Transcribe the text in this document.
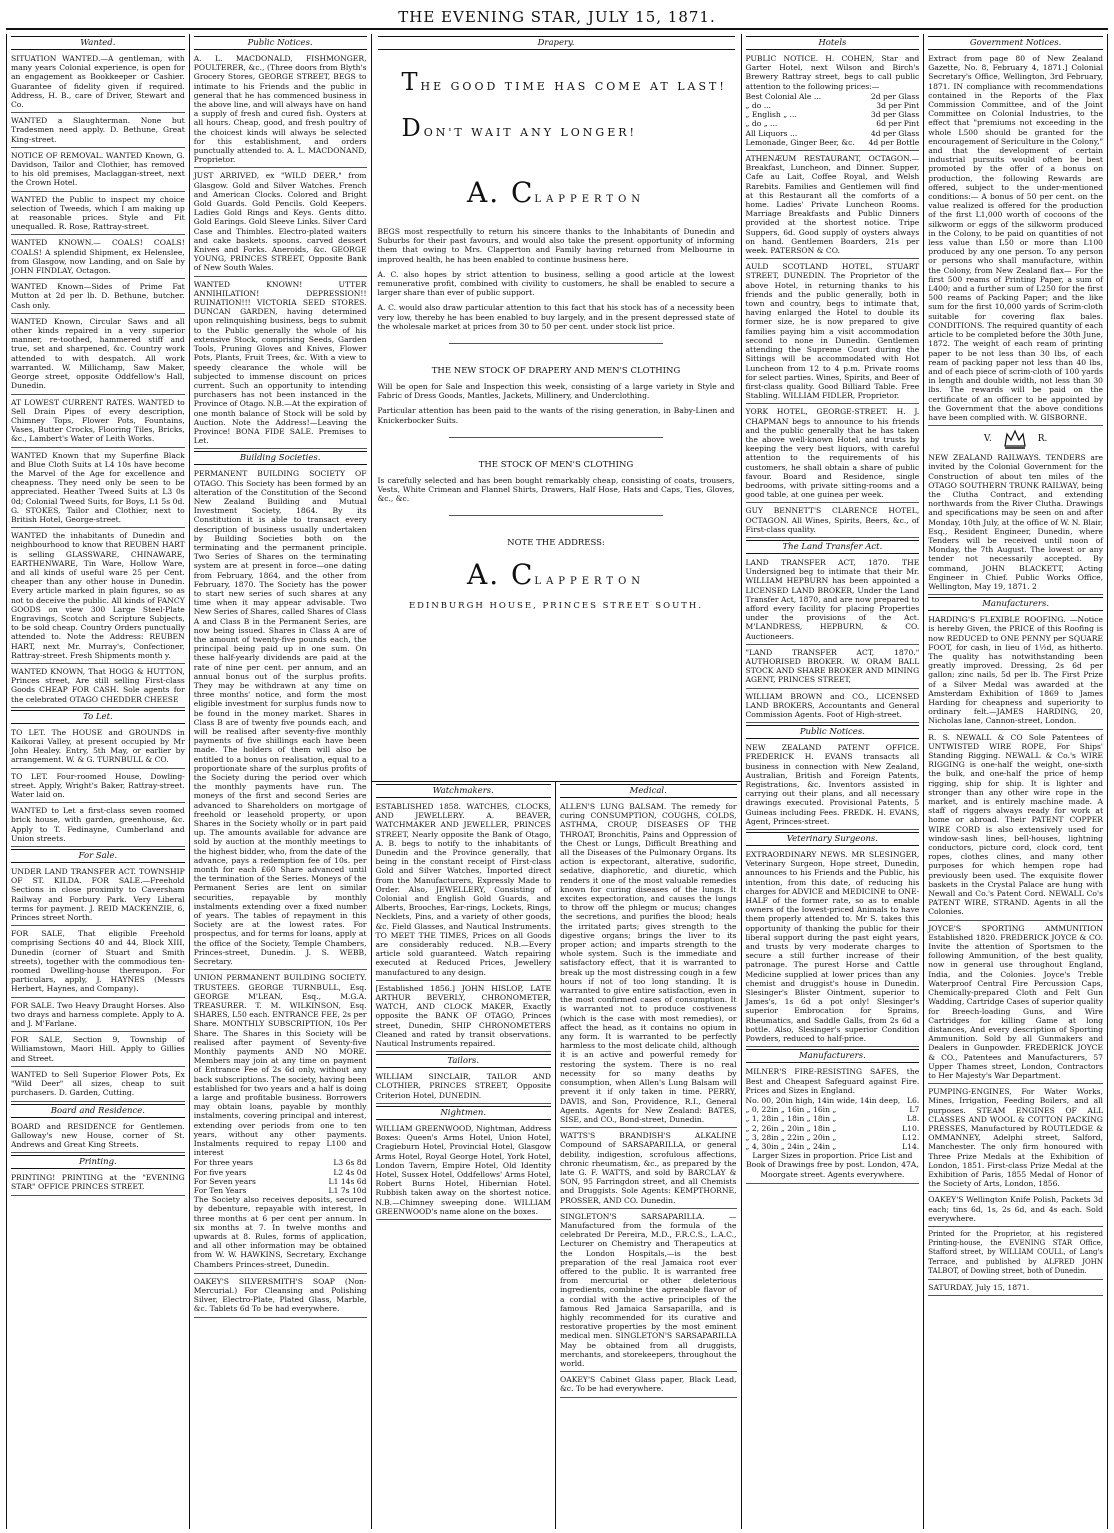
THE EVENING STAR, JULY 15, 1871.
Wanted.
SITUATION WANTED.—A gentleman, with many years Colonial experience, is open for an engagement as Bookkeeper or Cashier. Guarantee of fidelity given if required. Address, H. B., care of Driver, Stewart and Co.
WANTED a Slaughterman. None but Tradesmen need apply. D. Bethune, Great King-street.
NOTICE OF REMOVAL. WANTED Known, G. Davidson, Tailor and Clothier, has removed to his old premises, Maclaggan-street, next the Crown Hotel.
WANTED the Public to inspect my choice selection of Tweeds, which I am making up at reasonable prices. Style and Fit unequalled. R. Rose, Rattray-street.
WANTED KNOWN.— COALS! COALS! COALS! A splendid Shipment, ex Helenslee, from Glasgow, now Landing, and on Sale by JOHN FINDLAY, Octagon.
WANTED Known—Sides of Prime Fat Mutton at 2d per lb. D. Bethune, butcher. Cash only.
WANTED Known, Circular Saws and all other kinds repaired in a very superior manner, re-toothed, hammered stiff and true, set and sharpened, &c. Country work attended to with despatch. All work warranted. W. Millichamp, Saw Maker, George street, opposite Oddfellow's Hall, Dunedin.
AT LOWEST CURRENT RATES. WANTED to Sell Drain Pipes of every description, Chimney Tops, Flower Pots, Fountains, Vases, Butter Crocks, Flooring Tiles, Bricks, &c., Lambert's Water of Leith Works.
WANTED Known that my Superfine Black and Blue Cloth Suits at L4 10s have become the Marvel of the Age for excellence and cheapness. They need only be seen to be appreciated. Heather Tweed Suits at L3 0s 0d; Colonial Tweed Suits, for Boys, L1 5s 0d. G. STOKES, Tailor and Clothier, next to British Hotel, George-street.
WANTED the inhabitants of Dunedin and neighbourhood to know that REUBEN HART is selling GLASSWARE, CHINAWARE, EARTHENWARE, Tin Ware, Hollow Ware, and all kinds of useful ware 25 per Cent. cheaper than any other house in Dunedin. Every article marked in plain figures, so as not to deceive the public. All kinds of FANCY GOODS on view 300 Large Steel-Plate Engravings, Scotch and Scripture Subjects, to be sold cheap. Country Orders punctually attended to. Note the Address: REUBEN HART, next Mr. Murray's, Confectioner, Rattray-street. Fresh Shipments month y.
WANTED KNOWN, That HOGG & HUTTON, Princes street, Are still selling First-class Goods CHEAP FOR CASH. Sole agents for the celebrated OTAGO CHEDDER CHEESE
To Let.
TO LET. The HOUSE and GROUNDS in Kaikorai Valley, at present occupied by Mr John Healey. Entry, 5th May, or earlier by arrangement. W. & G. TURNBULL & CO.
TO LET. Four-roomed House, Dowling-street. Apply, Wright's Baker, Rattray-street. Water laid on.
WANTED to Let a first-class seven roomed brick house, with garden, greenhouse, &c. Apply to T. Fedinayne, Cumberland and Union streets.
For Sale.
UNDER LAND TRANSFER ACT. TOWNSHIP OF ST. KILDA. FOR SALE.—Freehold Sections in close proximity to Caversham Railway and Forbury Park. Very Liberal terms for payment. J. REID MACKENZIE, 6, Princes street North.
FOR SALE, That eligible Freehold comprising Sections 40 and 44, Block XIII, Dunedin (corner of Stuart and Smith streets), together with the commodious ten-roomed Dwelling-house thereupon. For particulars, apply, J. HAYNES (Messrs Herbert, Haynes, and Company).
FOR SALE. Two Heavy Draught Horses. Also two drays and harness complete. Apply to A. and J. M'Farlane.
FOR SALE, Section 9, Township of Williamstown, Maori Hill. Apply to Gillies and Street.
WANTED to Sell Superior Flower Pots, Ex "Wild Deer" all sizes, cheap to suit purchasers. D. Garden, Cutting.
Board and Residence.
BOARD and RESIDENCE for Gentlemen. Galloway's new House, corner of St. Andrews and Great King Streets.
Printing.
PRINTING! PRINTING at the "EVENING STAR" OFFICE PRINCES STREET.
Public Notices.
A. L. MACDONALD, FISHMONGER, POULTERER, &c., (Three doors from Blyth's Grocery Stores, GEORGE STREET, BEGS to intimate to his Friends and the public in general that he has commenced business in the above line, and will always have on hand a supply of fresh and cured fish. Oysters at all hours. Cheap, good, and fresh poultry of the choicest kinds will always be selected for this establishment, and orders punctually attended to. A. L. MACDONAND, Proprietor.
JUST ARRIVED, ex "WILD DEER," from Glasgow. Gold and Silver Watches. French and American Clocks. Colored and Bright Gold Guards. Gold Pencils. Gold Keepers. Ladies Gold Rings and Keys. Gents ditto. Gold Earings. Gold Sleeve Links. Silver Card Case and Thimbles. Electro-plated waiters and cake baskets. spoons. carved dessert Knives and Forks. Aneroids, &c. GEORGE YOUNG, PRINCES STREET, Opposite Bank of New South Wales.
WANTED KNOWN! UTTER ANNIHILATION! DEPRESSION!! RUINATION!!! VICTORIA SEED STORES. DUNCAN GARDEN, having determined upon relinquishing business, begs to submit to the Public generally the whole of his extensive Stock, comprising Seeds, Garden Tools, Pruning Gloves and Knives, Flower Pots, Plants, Fruit Trees, &c. With a view to speedy clearance the whole will be subjected to immense discount on prices current. Such an opportunity to intending purchasers has not been instanced in the Province of Otago. N.B.—At the expiration of one month balance of Stock will be sold by Auction. Note the Address!—Leaving the Province! BONA FIDE SALE. Premises to Let.
Building Societies.
PERMANENT BUILDING SOCIETY OF OTAGO. This Society has been formed by an alteration of the Constitution of the Second New Zealand Building and Mutual Investment Society, 1864. By its Constitution it is able to transact every description of business usually undertaken by Building Societies both on the terminating and the permanent principle. Two Series of Shares on the terminating system are at present in force—one dating from February, 1864, and the other from February, 1870. The Society has the power to start new series of such shares at any time when it may appear advisable. Two New Series of Shares, called Shares of Class A and Class B in the Permanent Series, are now being issued. Shares in Class A are of the amount of twenty-five pounds each, the principal being paid up in one sum. On these half-yearly dividends are paid at the rate of nine per cent. per annum, and an annual bonus out of the surplus profits. They may be withdrawn at any time on three months' notice, and form the most eligible investment for surplus funds now to be found in the money market. Shares in Class B are of twenty five pounds each, and will be realised after seventy-five monthly payments of five shillings each have been made. The holders of them will also be entitled to a bonus on realisation, equal to a proportionate share of the surplus profits of the Society during the period over which the monthly payments have run. The moneys of the first and second Series are advanced to Shareholders on mortgage of freehold or leasehold property, or upon Shares in the Society wholly or in part paid up. The amounts available for advance are sold by auction at the monthly meetings to the highest bidder, who, from the date of the advance, pays a redemption fee of 10s. per month for each £60 Share advanced until the termination of the Series. Moneys of the Permanent Series are lent on similar securities, repayable by monthly instalments extending over a fixed number of years. The tables of repayment in this Society are at the lowest rates. For prospectus, and for terms for loans, apply at the office of the Society, Temple Chambers, Princes-street, Dunedin. J. S. WEBB, Secretary.

UNION PERMANENT BUILDING SOCIETY. TRUSTEES. GEORGE TURNBULL, Esq. GEORGE M'LEAN, Esq., M.G.A. TREASURER. T. M. WILKINSON, Esq. SHARES, L50 each. ENTRANCE FEE, 2s per Share. MONTHLY SUBSCRIPTION, 10s Per Share. The Shares in this Society will be realised after payment of Seventy-five Monthly payments AND NO MORE. Members may join at any time on payment of Entrance Fee of 2s 6d only, without any back subscriptions. The society, having been established for two years and a half is doing a large and profitable business. Borrowers may obtain loans, payable by monthly instalments, covering principal and interest, extending over periods from one to ten years, without any other payments. Instalments required to repay L100 and interest

For three years	L3 6s 8d
For five years	L2 4s 0d
For Seven years	L1 14s 6d
For Ten Years	L1 7s 10d

The Society also receives deposits, secured by debenture, repayable with interest, In three months at 6 per cent per annum. In six months at 7. In twelve months and upwards at 8. Rules, forms of application, and all other information may be obtained from W. W. HAWKINS, Secretary, Exchange Chambers Princes-street, Dunedin.

OAKEY'S SILVERSMITH'S SOAP (Non-Mercurial.) For Cleansing and Polishing Silver, Electro-Plate, Plated Glass, Marble, &c. Tablets 6d To be had everywhere.
Drapery.
THE GOOD TIME HAS COME AT LAST!
DON'T WAIT ANY LONGER!
A. CLAPPERTON

BEGS most respectfully to return his sincere thanks to the Inhabitants of Dunedin and Suburbs for their past favours, and would also take the present opportunity of informing them that owing to Mrs. Clapperton and Family having returned from Melbourne in improved health, he has been enabled to continue business here.

A. C. also hopes by strict attention to business, selling a good article at the lowest remunerative profit, combined with civility to customers, he shall be enabled to secure a larger share than ever of public support.

A. C. would also draw particular attention to this fact that his stock has of a necessity been very low, thereby he has been enabled to buy largely, and in the present depressed state of the wholesale market at prices from 30 to 50 per cent. under stock list price.

THE NEW STOCK OF DRAPERY AND MEN'S CLOTHING

Will be open for Sale and Inspection this week, consisting of a large variety in Style and Fabric of Dress Goods, Mantles, Jackets, Millinery, and Underclothing.

Particular attention has been paid to the wants of the rising generation, in Baby-Linen and Knickerbocker Suits.

THE STOCK OF MEN'S CLOTHING

Is carefully selected and has been bought remarkably cheap, consisting of coats, trousers, Vests, White Crimean and Flannel Shirts, Drawers, Half Hose, Hats and Caps, Ties, Gloves, &c., &c.

NOTE THE ADDRESS:
A. CLAPPERTON
EDINBURGH HOUSE, PRINCES STREET SOUTH.
Watchmakers.
ESTABLISHED 1858. WATCHES, CLOCKS, AND JEWELLERY. A. BEAVER, WATCHMAKER AND JEWELLER, PRINCES STREET, Nearly opposite the Bank of Otago, A. B. begs to notify to the inhabitants of Dunedin and the Province generally, that being in the constant receipt of First-class Gold and Silver Watches, Imported direct from the Manufacturers, Expressly Made to Order. Also, JEWELLERY, Consisting of Colonial and English Gold Guards, and Alberts, Brooches, Ear-rings, Lockets, Rings, Necklets, Pins, and a variety of other goods, &c. Field Glasses, and Nautical Instruments. TO MEET THE TIMES, Prices on all Goods are considerably reduced. N.B.—Every article sold guaranteed. Watch repairing executed at Reduced Prices, Jewellery manufactured to any design.
[Established 1856.] JOHN HISLOP, LATE ARTHUR BEVERLY, CHRONOMETER, WATCH, AND CLOCK MAKER, Exactly opposite the BANK OF OTAGO, Princes street, Dunedin, SHIP CHRONOMETERS Cleaned and rated by transit observations. Nautical Instruments repaired.
Tailors.
WILLIAM SINCLAIR, TAILOR AND CLOTHIER, PRINCES STREET, Opposite Criterion Hotel, DUNEDIN.
Nightmen.
WILLIAM GREENWOOD, Nightman, Address Boxes: Queen's Arms Hotel, Union Hotel, Cragieburn Hotel, Provincial Hotel, Glasgow Arms Hotel, Royal George Hotel, York Hotel, London Tavern, Empire Hotel, Old Identity Hotel, Sussex Hotel, Oddfellows' Arms Hotel, Robert Burns Hotel, Hibernian Hotel. Rubbish taken away on the shortest notice. N.B.—Chimney sweeping done. WILLIAM GREENWOOD's name alone on the boxes.
Medical.
ALLEN'S LUNG BALSAM. The remedy for curing CONSUMPTION, COUGHS, COLDS, ASTHMA, CROUP, DISEASES OF THE THROAT, Bronchitis, Pains and Oppression of the Chest or Lungs, Difficult Breathing and all the Diseases of the Pulmonary Organs. Its action is expectorant, alterative, sudorific, sedative, diaphoretic, and diuretic, which renders it one of the most valuable remedies known for curing diseases of the lungs. It excites expectoration, and causes the lungs to throw off the phlegm or mucus; changes the secretions, and purifies the blood; heals the irritated parts; gives strength to the digestive organs; brings the liver to its proper action; and imparts strength to the whole system. Such is the immediate and satisfactory effect, that it is warranted to break up the most distressing cough in a few hours if not of too long standing. It is warranted to give entire satisfaction, even in the most confirmed cases of consumption. It is warranted not to produce costiveness (which is the case with most remedies), or affect the head, as it contains no opium in any form. It is warranted to be perfectly harmless to the most delicate child, although it is an active and powerful remedy for restoring the system. There is no real necessity for so many deaths by consumption, when Allen's Lung Balsam will prevent it if only taken in time. PERRY, DAVIS, and Son, Providence, R.I., General Agents. Agents for New Zealand: BATES, SISE, and CO., Bond-street, Dunedin.
WATTS'S BRANDISH'S ALKALINE Compound of SARSAPARILLA, or general debility, indigestion, scrofulous affections, chronic rheumatism, &c., as prepared by the late G. F. WATTS, and sold by BARCLAY & SON, 95 Farringdon street, and all Chemists and Druggists. Sole Agents: KEMPTHORNE, PROSSER, AND CO. Dunedin.
SINGLETON'S SARSAPARILLA. — Manufactured from the formula of the celebrated Dr Pereira, M.D., F.R.C.S., L.A.C., Lecturer on Chemistry and Therapeutics at the London Hospitals,—is the best preparation of the real Jamaica root ever offered to the public. It is warranted free from mercurial or other deleterious ingredients, combine the agreeable flavor of a cordial with the active principles of the famous Red Jamaica Sarsaparilla, and is highly recommended for its curative and restorative properties by the most eminent medical men. SINGLETON'S SARSAPARILLA May be obtained from all druggists, merchants, and storekeepers, throughout the world.
OAKEY'S Cabinet Glass paper, Black Lead, &c. To be had everywhere.
Hotels

PUBLIC NOTICE. H. COHEN, Star and Garter Hotel, next Wilson and Birch's Brewery Rattray street, begs to call public attention to the following prices:—

Best Colonial Ale ...	2d per Glass
„ do ...	3d per Pint
„ English „ ...	3d per Glass
„ do „ ...	6d per Pint
All Liquors ...	4d per Glass
Lemonade, Ginger Beer, &c. 4d per Bottle
ATHENÆUM RESTAURANT, OCTAGON.—Breakfast, Luncheon, and Dinner. Supper, Cafe au Lait, Coffee Royal, and Welsh Rarebits. Families and Gentlemen will find at this Restaurant all the comforts of a home. Ladies' Private Luncheon Rooms. Marriage Breakfasts and Public Dinners provided at the shortest notice. Tripe Suppers, 6d. Good supply of oysters always on hand. Gentlemen Boarders, 21s per week. PATERSON & CO.
AULD SCOTLAND HOTEL, STUART STREET, DUNEDIN. The Proprietor of the above Hotel, in returning thanks to his friends and the public generally, both in town and country, begs to intimate that, having enlarged the Hotel to double its former size, he is now prepared to give families paying him a visit accommodation second to none in Dunedin. Gentlemen attending the Supreme Court during the Sittings will be accommodated with Hot Luncheon from 12 to 4 p.m. Private rooms for select parties. Wines, Spirits, and Beer of first-class quality. Good Billiard Table. Free Stabling. WILLIAM FIDLER, Proprietor.
YORK HOTEL, GEORGE-STREET. H. J. CHAPMAN begs to announce to his friends and the public generally that he has taken the above well-known Hotel, and trusts by keeping the very best liquors, with careful attention to the requirements of his customers, he shall obtain a share of public favour. Board and Residence, single bedrooms, with private sitting-rooms and a good table, at one guinea per week.
GUY BENNETT'S CLARENCE HOTEL, OCTAGON. All Wines, Spirits, Beers, &c., of First-class quality.
The Land Transfer Act.
LAND TRANSFER ACT, 1870. THE Undersigned beg to intimate that their Mr. WILLIAM HEPBURN has been appointed a LICENSED LAND BROKER, Under the Land Transfer Act, 1870, and are now prepared to afford every facility for placing Properties under the provisions of the Act. M'LANDRESS, HEPBURN, & CO. Auctioneers.
"LAND TRANSFER ACT, 1870." AUTHORISED BROKER. W. ORAM BALL STOCK AND SHARE BROKER AND MINING AGENT, PRINCES STREET,
WILLIAM BROWN and CO., LICENSED LAND BROKERS, Accountants and General Commission Agents. Foot of High-street.
Public Notices.
NEW ZEALAND PATENT OFFICE. FREDERICK H. EVANS transacts all business in connection with New Zealand, Australian, British and Foreign Patents, Registrations, &c. Inventors assisted in carrying out their plans, and all necessary drawings executed. Provisional Patents, 5 Guineas including Fees. FREDK. H. EVANS, Agent, Princes-street.
Veterinary Surgeons.
EXTRAORDINARY NEWS. MR SLESINGER, Veterinary Surgeon, Hope street, Dunedin, announces to his Friends and the Public, his intention, from this date, of reducing his charges for ADVICE and MEDICINE to ONE-HALF of the former rate, so as to enable owners of the lowest-priced Animals to have them properly attended to. Mr S. takes this opportunity of thanking the public for their liberal support during the past eight years, and trusts by very moderate charges to secure a still further increase of their patronage. The purest Horse and Cattle Medicine supplied at lower prices than any chemist and druggist's house in Dunedin. Slesinger's Blister Ointment, superior to James's, 1s 6d a pot only! Slesinger's superior Embrocation for Sprains, Rheumatics, and Saddle Galls, from 2s 6d a bottle. Also, Slesinger's superior Condition Powders, reduced to half-price.
Manufacturers.

MILNER'S FIRE-RESISTING SAFES, the Best and Cheapest Safeguard against Fire. Prices and Sizes in England.

No. 00, 20in high, 14in wide, 14in deep, L6.
„ 0, 22in „ 16in „ 16in „	L7
„ 1, 28in „ 18in „ 18in „	L8.
„ 2, 26in „ 20in „ 18in „	L10.
„ 3, 28in „ 22in „ 20in „	L12.
„ 4, 30in „ 24in „ 24in „	L14.

Larger Sizes in proportion. Price List and Book of Drawings free by post. London, 47A, Moorgate street. Agents everywhere.

Government Notices.
Extract from page 80 of New Zealand Gazette, No. 8, February 4, 1871.] Colonial Secretary's Office, Wellington, 3rd February, 1871. IN compliance with recommendations contained in the Reports of the Flax Commission Committee, and of the Joint Committee on Colonial Industries, to the effect that "premiums not exceeding in the whole L500 should be granted for the encouragement of Sericulture in the Colony," and that the development of certain industrial pursuits would often be best promoted by the offer of a bonus on production, the following Rewards are offered, subject to the under-mentioned conditions:— A bonus of 50 per cent. on the value realized is offered for the production of the first L1,000 worth of cocoons of the silkworm or eggs of the silkworm produced in the Colony, to be paid on quantities of not less value than L50 or more than L100 produced by any one person. To any person or persons who shall manufacture, within the Colony, from New Zealand flax— For the first 500 reams of Printing Paper, a sum of L400; and a further sum of L250 for the first 500 reams of Packing Paper; and the like sum for the first 10,000 yards of Scrim-cloth suitable for covering flax bales. CONDITIONS. The required quantity of each article to be completed before the 30th June, 1872. The weight of each ream of printing paper to be not less than 30 lbs, of each ream of packing paper not less than 40 lbs, and of each piece of scrim-cloth of 100 yards in length and double width, not less than 30 lbs. The rewards will be paid on the certificate of an officer to be appointed by the Government that the above conditions have been complied with. W. GISBORNE.
V.	R.
NEW ZEALAND RAILWAYS. TENDERS are invited by the Colonial Government for the Construction of about ten miles of the OTAGO SOUTHERN TRUNK RAILWAY, being the Clutha Contract, and extending northwards from the River Clutha. Drawings and specifications may be seen on and after Monday, 10th July, at the office of W. N. Blair, Esq., Resident Engineer, Dunedin, where Tenders will be received until noon of Monday, the 7th August. The lowest or any tender not necessarily accepted. By command, JOHN BLACKETT, Acting Engineer in Chief. Public Works Office, Wellington, May 19, 1871. 2
Manufacturers.
HARDING'S FLEXIBLE ROOFING. —Notice is hereby Given, the PRICE of this Roofing is now REDUCED to ONE PENNY per SQUARE FOOT, for cash, in lieu of 1½d, as hitherto. The quality has notwithstanding been greatly improved. Dressing, 2s 6d per gallon; zinc nails, 5d per lb. The First Prize of a Silver Medal was awarded at the Amsterdam Exhibition of 1869 to James Harding for cheapness and superiority to ordinary felt.—JAMES HARDING, 20, Nicholas lane, Cannon-street, London.
R. S. NEWALL & CO Sole Patentees of UNTWISTED WIRE ROPE, For Ships' Standing Rigging. NEWALL & Co.'s WIRE RIGGING is one-half the weight, one-sixth the bulk, and one-half the price of hemp rigging, ship for ship. It is lighter and stronger than any other wire rope in the market, and is entirely machine made. A staff of riggers always ready for work at home or abroad. Their PATENT COPPER WIRE CORD is also extensively used for window-sash lines, bell-houses, lightning conductors, picture cord, clock cord, tent ropes, clothes clines, and many other purposes for which hempen rope had previously been used. The exquisite flower baskets in the Crystal Palace are hung with Newall and Co.'s Patent Cord. NEWALL Co's PATENT WIRE, STRAND. Agents in all the Colonies.
JOYCE'S SPORTING AMMUNITION Established 1820. FREDERICK JOYCE & CO. Invite the attention of Sportsmen to the following Ammunition, of the best quality, now in general use throughout England, India, and the Colonies. Joyce's Treble Waterproof Central Fire Percussion Caps, Chemically-prepared Cloth and Felt Gun Wadding, Cartridge Cases of superior quality for Breech-loading Guns, and Wire Cartridges for killing Game at long distances, And every description of Sporting Ammunition. Sold by all Gunmakers and Dealers in Gunpowder. FREDERICK JOYCE & CO., Patentees and Manufacturers, 57 Upper Thames street, London, Contractors to Her Majesty's War Department.
PUMPING-ENGINES, For Water Works, Mines, Irrigation, Feeding Boilers, and all purposes. STEAM ENGINES OF ALL CLASSES AND WOOL & COTTON PACKING PRESSES, Manufactured by ROUTLEDGE & OMMANNEY, Adelphi street, Salford, Manchester. The only firm honoured with Three Prize Medals at the Exhibition of London, 1851. First-class Prize Medal at the Exhibition of Paris, 1855 Medal of Honor of the Society of Arts, London, 1856.
OAKEY'S Wellington Knife Polish, Packets 3d each; tins 6d, 1s, 2s 6d, and 4s each. Sold everywhere.
Printed for the Proprietor, at his registered Printing-house, the EVENING STAR Office, Stafford street, by WILLIAM COULL, of Lang's Terrace, and published by ALFRED JOHN TALBOT, of Dowling street, both of Dunedin.
SATURDAY, July 15, 1871.
